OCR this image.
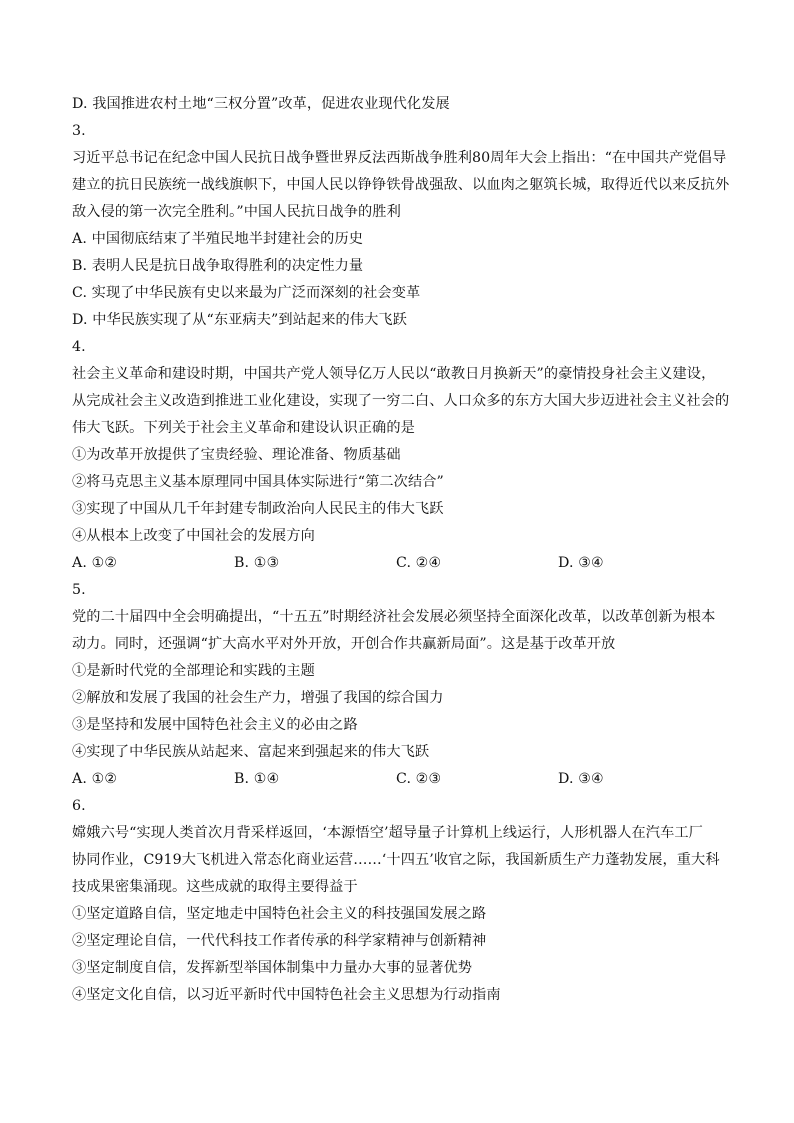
D. 我国推进农村土地“三权分置”改革，促进农业现代化发展
3.
习近平总书记在纪念中国人民抗日战争暨世界反法西斯战争胜利80周年大会上指出：“在中国共产党倡导
建立的抗日民族统一战线旗帜下，中国人民以铮铮铁骨战强敌、以血肉之躯筑长城，取得近代以来反抗外
敌入侵的第一次完全胜利。”中国人民抗日战争的胜利
A. 中国彻底结束了半殖民地半封建社会的历史
B. 表明人民是抗日战争取得胜利的决定性力量
C. 实现了中华民族有史以来最为广泛而深刻的社会变革
D. 中华民族实现了从“东亚病夫”到站起来的伟大飞跃
4.
社会主义革命和建设时期，中国共产党人领导亿万人民以“敢教日月换新天”的豪情投身社会主义建设，
从完成社会主义改造到推进工业化建设，实现了一穷二白、人口众多的东方大国大步迈进社会主义社会的
伟大飞跃。下列关于社会主义革命和建设认识正确的是
①为改革开放提供了宝贵经验、理论准备、物质基础
②将马克思主义基本原理同中国具体实际进行“第二次结合”
③实现了中国从几千年封建专制政治向人民民主的伟大飞跃
④从根本上改变了中国社会的发展方向
A. ①②	B. ①③	C. ②④	D. ③④
5.
党的二十届四中全会明确提出，“十五五”时期经济社会发展必须坚持全面深化改革，以改革创新为根本
动力。同时，还强调“扩大高水平对外开放，开创合作共赢新局面”。这是基于改革开放
①是新时代党的全部理论和实践的主题
②解放和发展了我国的社会生产力，增强了我国的综合国力
③是坚持和发展中国特色社会主义的必由之路
④实现了中华民族从站起来、富起来到强起来的伟大飞跃
A. ①②	B. ①④	C. ②③	D. ③④
6.
嫦娥六号“实现人类首次月背采样返回，‘本源悟空’超导量子计算机上线运行，人形机器人在汽车工厂
协同作业，C919大飞机进入常态化商业运营……‘十四五’收官之际，我国新质生产力蓬勃发展，重大科
技成果密集涌现。这些成就的取得主要得益于
①坚定道路自信，坚定地走中国特色社会主义的科技强国发展之路
②坚定理论自信，一代代科技工作者传承的科学家精神与创新精神
③坚定制度自信，发挥新型举国体制集中力量办大事的显著优势
④坚定文化自信，以习近平新时代中国特色社会主义思想为行动指南
